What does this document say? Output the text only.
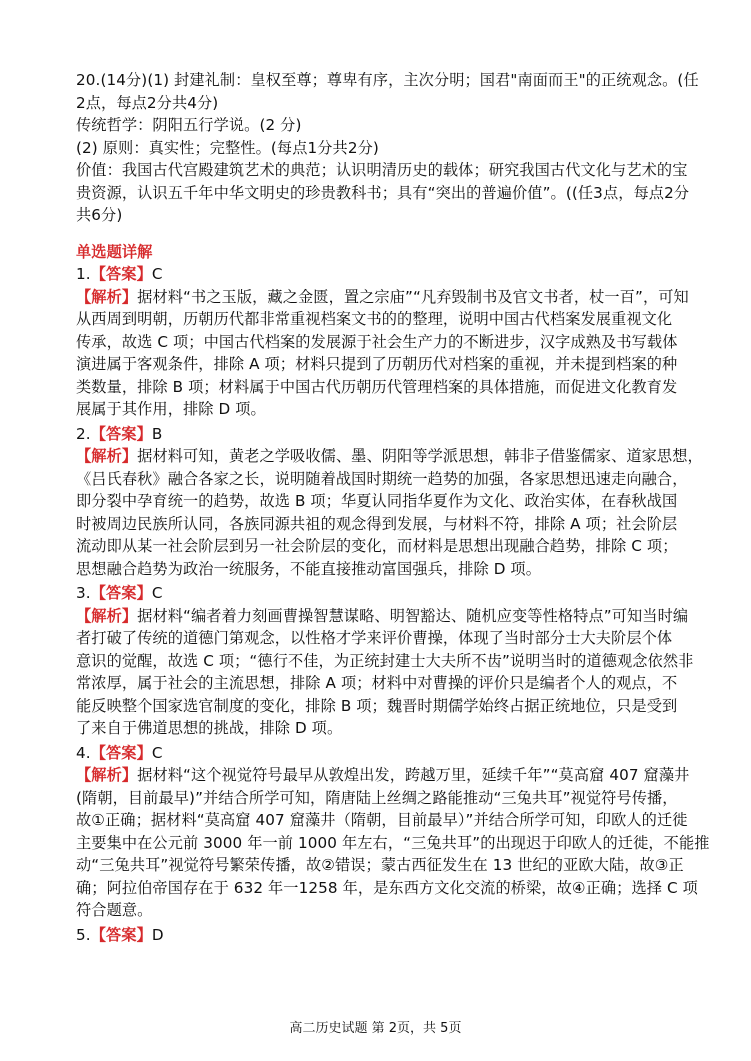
20.(14分)(1) 封建礼制：皇权至尊；尊卑有序，主次分明；国君"南面而王"的正统观念。(任
2点，每点2分共4分)
传统哲学：阴阳五行学说。(2 分)
(2) 原则：真实性；完整性。(每点1分共2分)
价值：我国古代宫殿建筑艺术的典范；认识明清历史的载体；研究我国古代文化与艺术的宝
贵资源，认识五千年中华文明史的珍贵教科书；具有“突出的普遍价值”。((任3点，每点2分
共6分)
单选题详解
1.【答案】C
【解析】据材料“书之玉版，藏之金匮，置之宗庙”“凡弃毁制书及官文书者，杖一百”，可知
从西周到明朝，历朝历代都非常重视档案文书的的整理，说明中国古代档案发展重视文化
传承，故选 C 项；中国古代档案的发展源于社会生产力的不断进步，汉字成熟及书写载体
演进属于客观条件，排除 A 项；材料只提到了历朝历代对档案的重视，并未提到档案的种
类数量，排除 B 项；材料属于中国古代历朝历代管理档案的具体措施，而促进文化教育发
展属于其作用，排除 D 项。
2.【答案】B
【解析】据材料可知，黄老之学吸收儒、墨、阴阳等学派思想，韩非子借鉴儒家、道家思想，
《吕氏春秋》融合各家之长，说明随着战国时期统一趋势的加强，各家思想迅速走向融合，
即分裂中孕育统一的趋势，故选 B 项；华夏认同指华夏作为文化、政治实体，在春秋战国
时被周边民族所认同，各族同源共祖的观念得到发展，与材料不符，排除 A 项；社会阶层
流动即从某一社会阶层到另一社会阶层的变化，而材料是思想出现融合趋势，排除 C 项；
思想融合趋势为政治一统服务，不能直接推动富国强兵，排除 D 项。
3.【答案】C
【解析】据材料“编者着力刻画曹操智慧谋略、明智豁达、随机应变等性格特点”可知当时编
者打破了传统的道德门第观念，以性格才学来评价曹操，体现了当时部分士大夫阶层个体
意识的觉醒，故选 C 项；“德行不佳，为正统封建士大夫所不齿”说明当时的道德观念依然非
常浓厚，属于社会的主流思想，排除 A 项；材料中对曹操的评价只是编者个人的观点，不
能反映整个国家选官制度的变化，排除 B 项；魏晋时期儒学始终占据正统地位，只是受到
了来自于佛道思想的挑战，排除 D 项。
4.【答案】C
【解析】据材料“这个视觉符号最早从敦煌出发，跨越万里，延续千年”“莫高窟 407 窟藻井
(隋朝，目前最早)”并结合所学可知，隋唐陆上丝绸之路能推动“三兔共耳”视觉符号传播，
故①正确；据材料“莫高窟 407 窟藻井（隋朝，目前最早）”并结合所学可知，印欧人的迁徙
主要集中在公元前 3000 年一前 1000 年左右，“三兔共耳”的出现迟于印欧人的迁徙，不能推
动“三兔共耳”视觉符号繁荣传播，故②错误；蒙古西征发生在 13 世纪的亚欧大陆，故③正
确；阿拉伯帝国存在于 632 年一1258 年，是东西方文化交流的桥梁，故④正确；选择 C 项
符合题意。
5.【答案】D
高二历史试题 第 2页，共 5页
